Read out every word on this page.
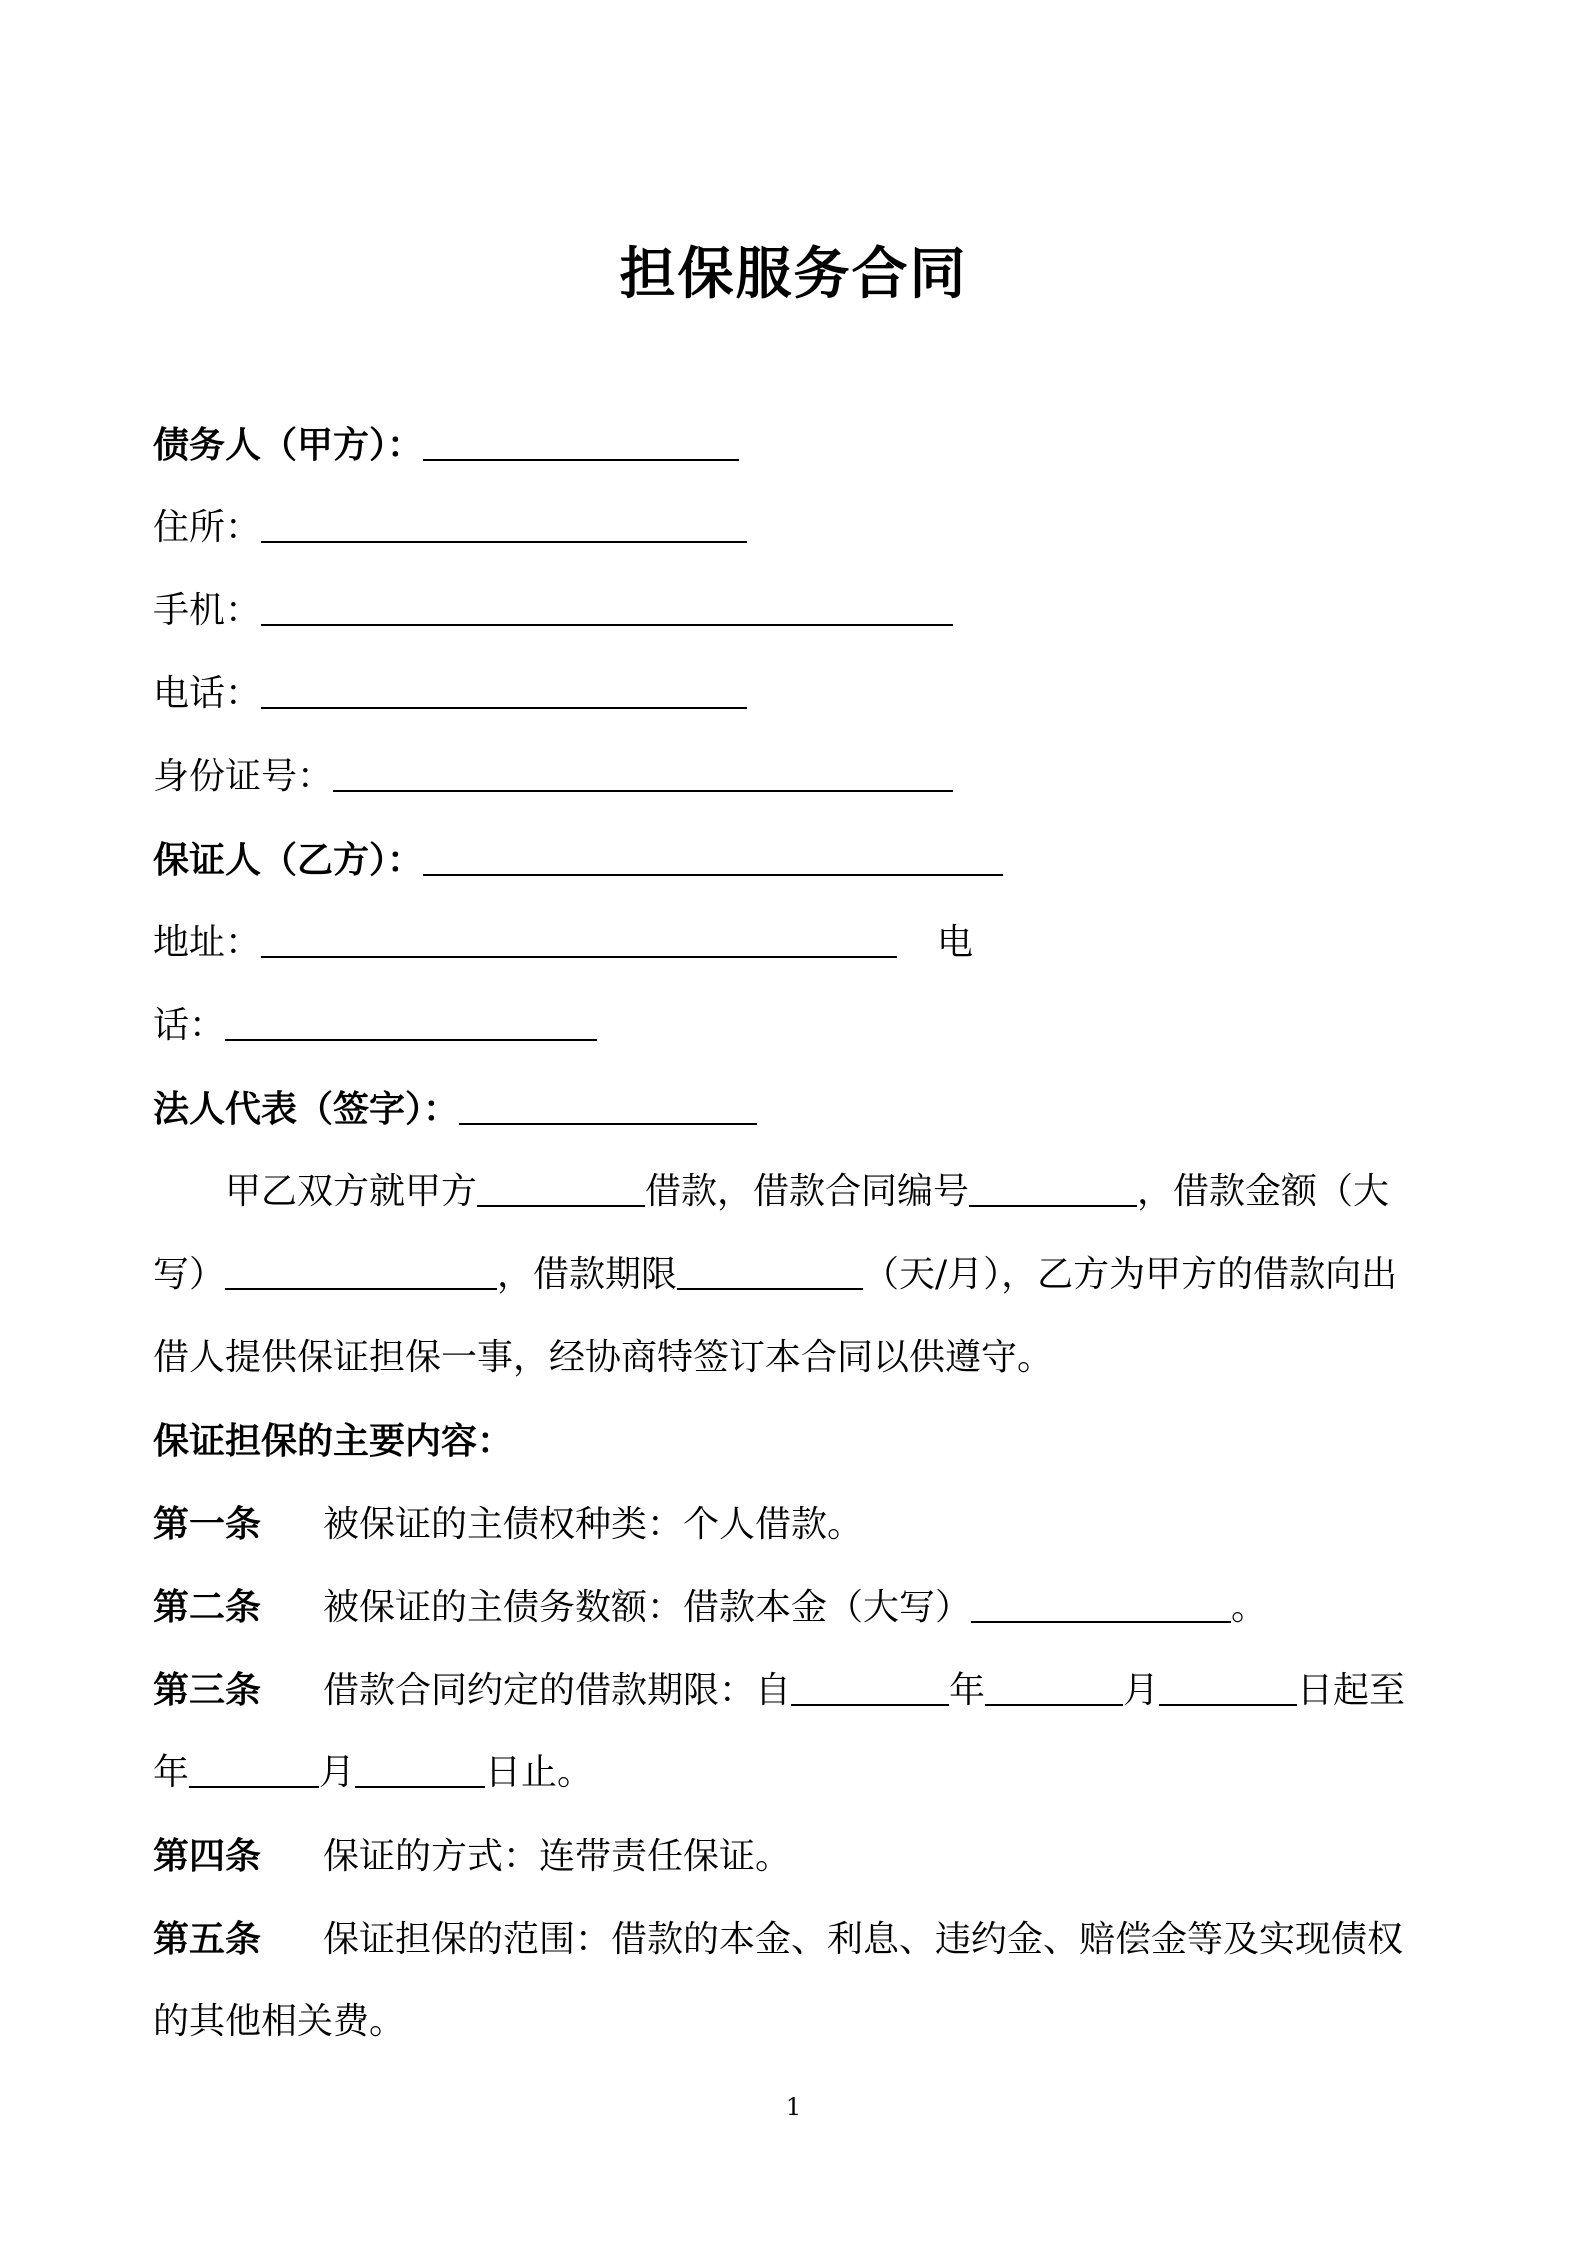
担保服务合同
债务人（甲方）：
住所：
手机：
电话：
身份证号：
保证人（乙方）：
地址：	电
话：
法人代表（签字）：
甲乙双方就甲方	借款，借款合同编号	，借款金额（大
写）	，借款期限	（天/月），乙方为甲方的借款向出
借人提供保证担保一事，经协商特签订本合同以供遵守。
保证担保的主要内容：
第一条 被保证的主债权种类：个人借款。
第二条 被保证的主债务数额：借款本金（大写）	。
第三条 借款合同约定的借款期限：自	年	月	日起至
年	月	日止。
第四条 保证的方式：连带责任保证。
第五条 保证担保的范围：借款的本金、利息、违约金、赔偿金等及实现债权
的其他相关费。
1
